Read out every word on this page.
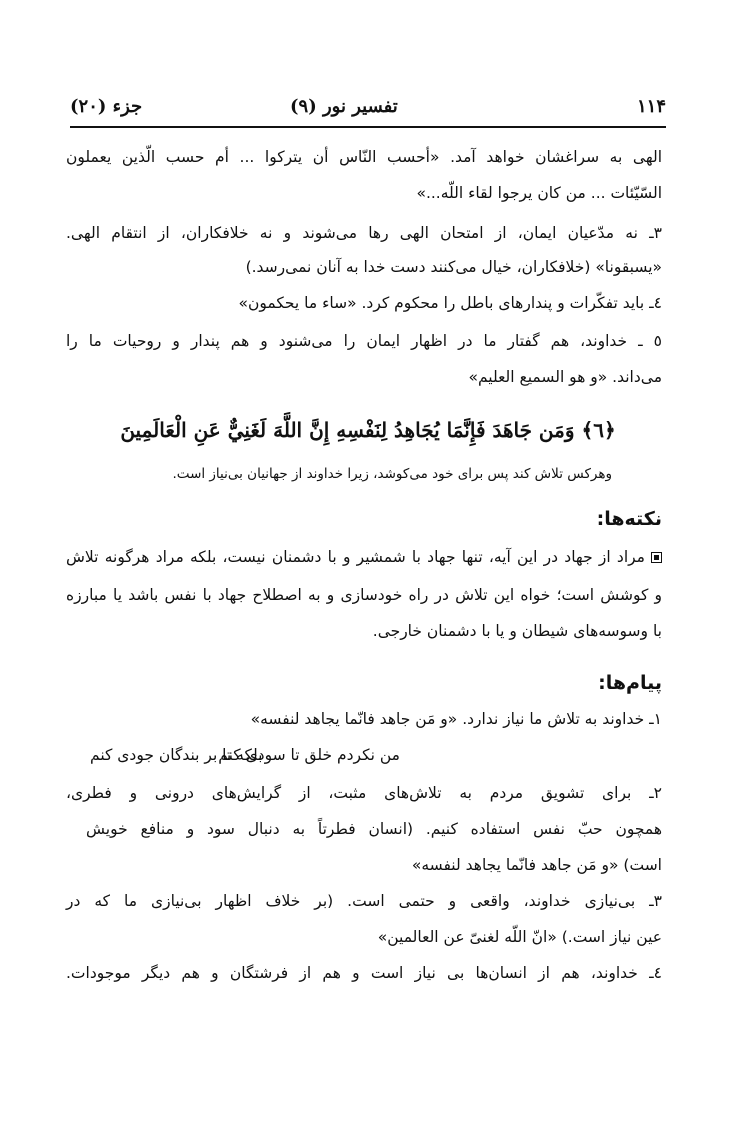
۱۱۴
تفسیر نور (۹)
جزء (۲۰)
الهی به سراغشان خواهد آمد. «أحسب النّاس أن يتركوا ... أم حسب الّذين يعملون
السّيّئات ... من كان يرجوا لقاء اللّه...»
۳ـ نه مدّعیان ایمان، از امتحان الهی رها می‌شوند و نه خلافکاران، از انتقام الهی.
«يسبقونا» (خلافکاران، خیال می‌کنند دست خدا به آنان نمی‌رسد.)
٤ـ باید تفکّرات و پندارهای باطل را محکوم کرد. «ساء ما يحكمون»
٥ ـ خداوند، هم گفتار ما در اظهار ایمان را می‌شنود و هم پندار و روحیات ما را
می‌داند. «و هو السميع العليم»
﴿٦﴾ وَمَن جَاهَدَ فَإِنَّمَا يُجَاهِدُ لِنَفْسِهِ إِنَّ اللَّهَ لَغَنِيٌّ عَنِ الْعَالَمِينَ
وهرکس تلاش کند پس برای خود می‌کوشد، زیرا خداوند از جهانیان بی‌نیاز است.
نکته‌ها:
مراد از جهاد در این آیه، تنها جهاد با شمشیر و با دشمنان نیست، بلکه مراد هرگونه تلاش
و کوشش است؛ خواه این تلاش در راه خودسازی و به اصطلاح جهاد با نفس باشد یا مبارزه
با وسوسه‌های شیطان و یا با دشمنان خارجی.
پیام‌ها:
۱ـ خداوند به تلاش ما نیاز ندارد. «و مَن جاهد فانّما يجاهد لنفسه»
من نکردم خلق تا سودی کنم
بلکه تا بر بندگان جودی کنم
۲ـ برای تشویق مردم به تلاش‌های مثبت، از گرایش‌های درونی و فطری،
همچون حبّ نفس استفاده کنیم. (انسان فطرتاً به دنبال سود و منافع خویش
است) «و مَن جاهد فانّما يجاهد لنفسه»
۳ـ بی‌نیازی خداوند، واقعی و حتمی است. (بر خلاف اظهار بی‌نیازی ما که در
عین نیاز است.) «انّ اللّه لغنىّ عن العالمين»
٤ـ خداوند، هم از انسان‌ها بی نیاز است و هم از فرشتگان و هم دیگر موجودات.
